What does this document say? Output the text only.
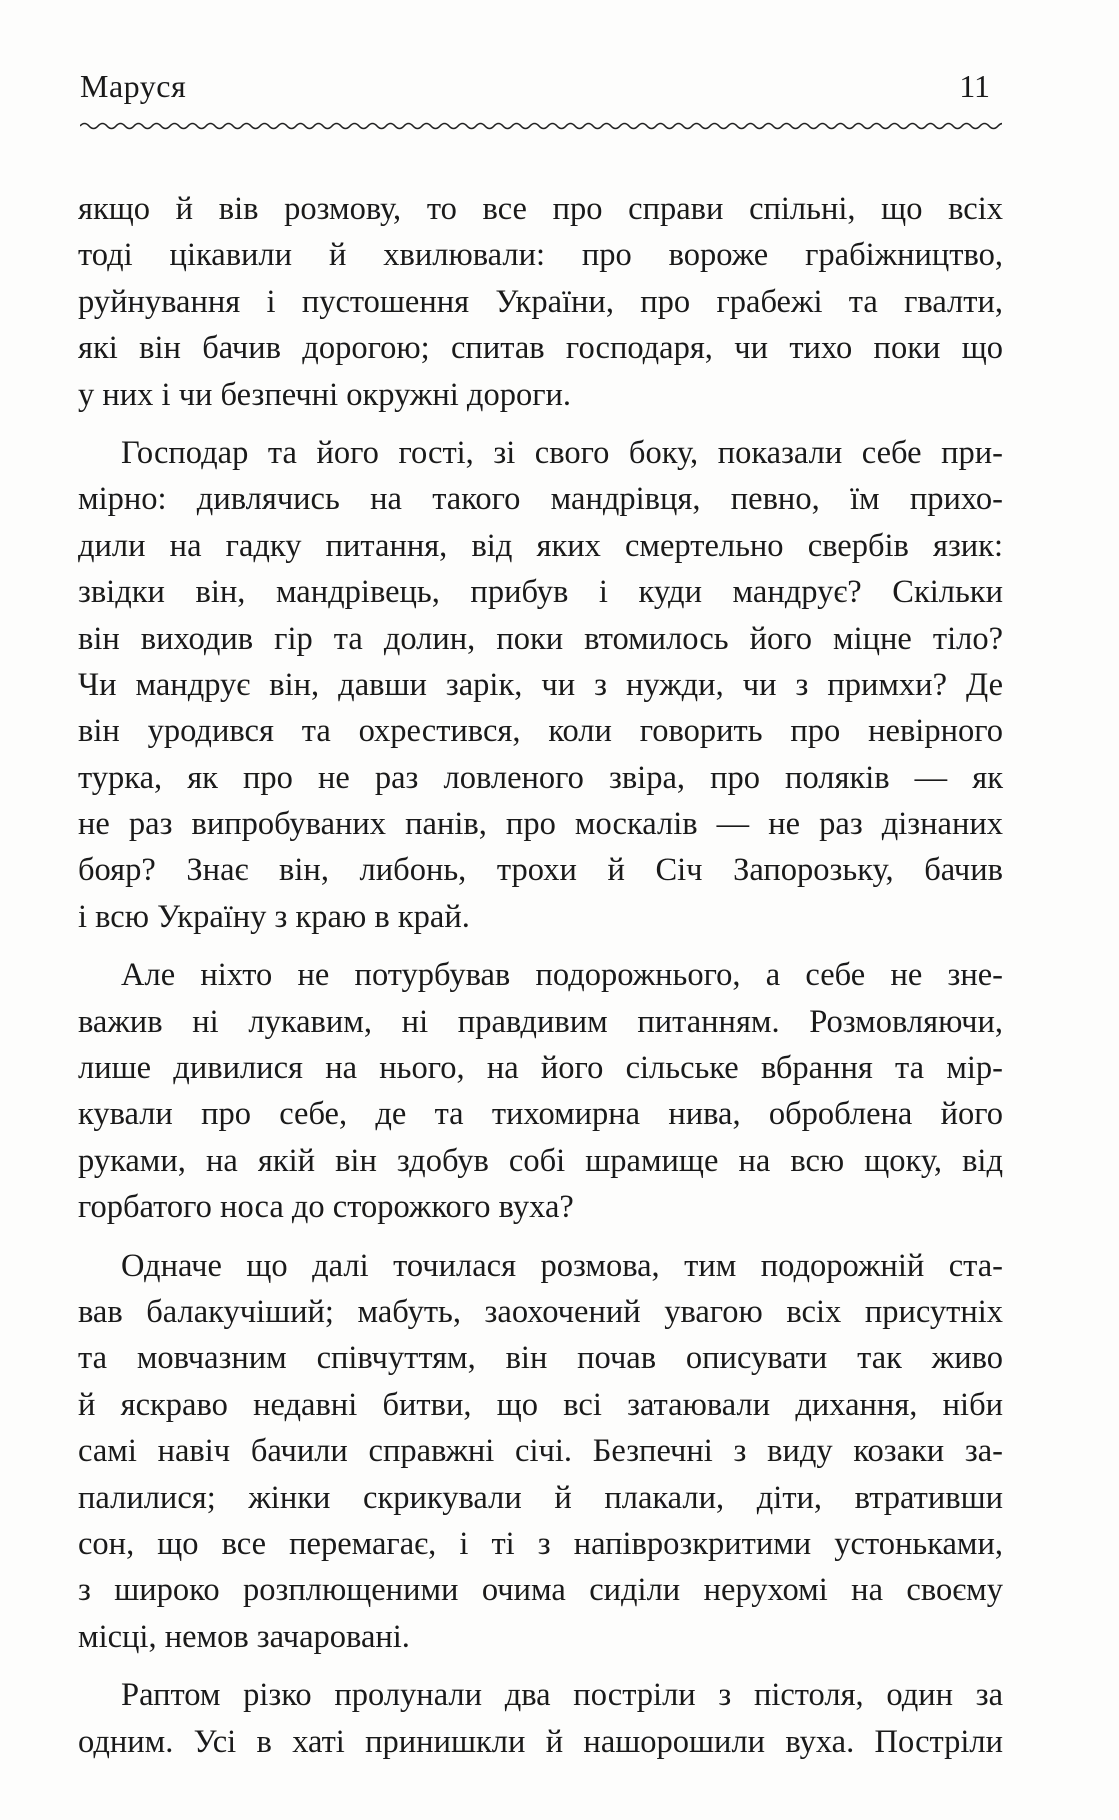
Маруся	11
якщо й вів розмову, то все про справи спільні, що всіх
тоді цікавили й хвилювали: про вороже грабіжництво,
руйнування і пустошення України, про грабежі та гвалти,
які він бачив дорогою; спитав господаря, чи тихо поки що
у них і чи безпечні окружні дороги.
Господар та його гості, зі свого боку, показали себе при-
мірно: дивлячись на такого мандрівця, певно, їм прихо-
дили на гадку питання, від яких смертельно свербів язик:
звідки він, мандрівець, прибув і куди мандрує? Скільки
він виходив гір та долин, поки втомилось його міцне тіло?
Чи мандрує він, давши зарік, чи з нужди, чи з примхи? Де
він уродився та охрестився, коли говорить про невірного
турка, як про не раз ловленого звіра, про поляків — як
не раз випробуваних панів, про москалів — не раз дізнаних
бояр? Знає він, либонь, трохи й Січ Запорозьку, бачив
і всю Україну з краю в край.
Але ніхто не потурбував подорожнього, а себе не зне-
важив ні лукавим, ні правдивим питанням. Розмовляючи,
лише дивилися на нього, на його сільське вбрання та мір-
кували про себе, де та тихомирна нива, оброблена його
руками, на якій він здобув собі шрамище на всю щоку, від
горбатого носа до сторожкого вуха?
Одначе що далі точилася розмова, тим подорожній ста-
вав балакучіший; мабуть, заохочений увагою всіх присутніх
та мовчазним співчуттям, він почав описувати так живо
й яскраво недавні битви, що всі затаювали дихання, ніби
самі навіч бачили справжні січі. Безпечні з виду козаки за-
палилися; жінки скрикували й плакали, діти, втративши
сон, що все перемагає, і ті з напіврозкритими устоньками,
з широко розплющеними очима сиділи нерухомі на своєму
місці, немов зачаровані.
Раптом різко пролунали два постріли з пістоля, один за
одним. Усі в хаті принишкли й нашорошили вуха. Постріли
